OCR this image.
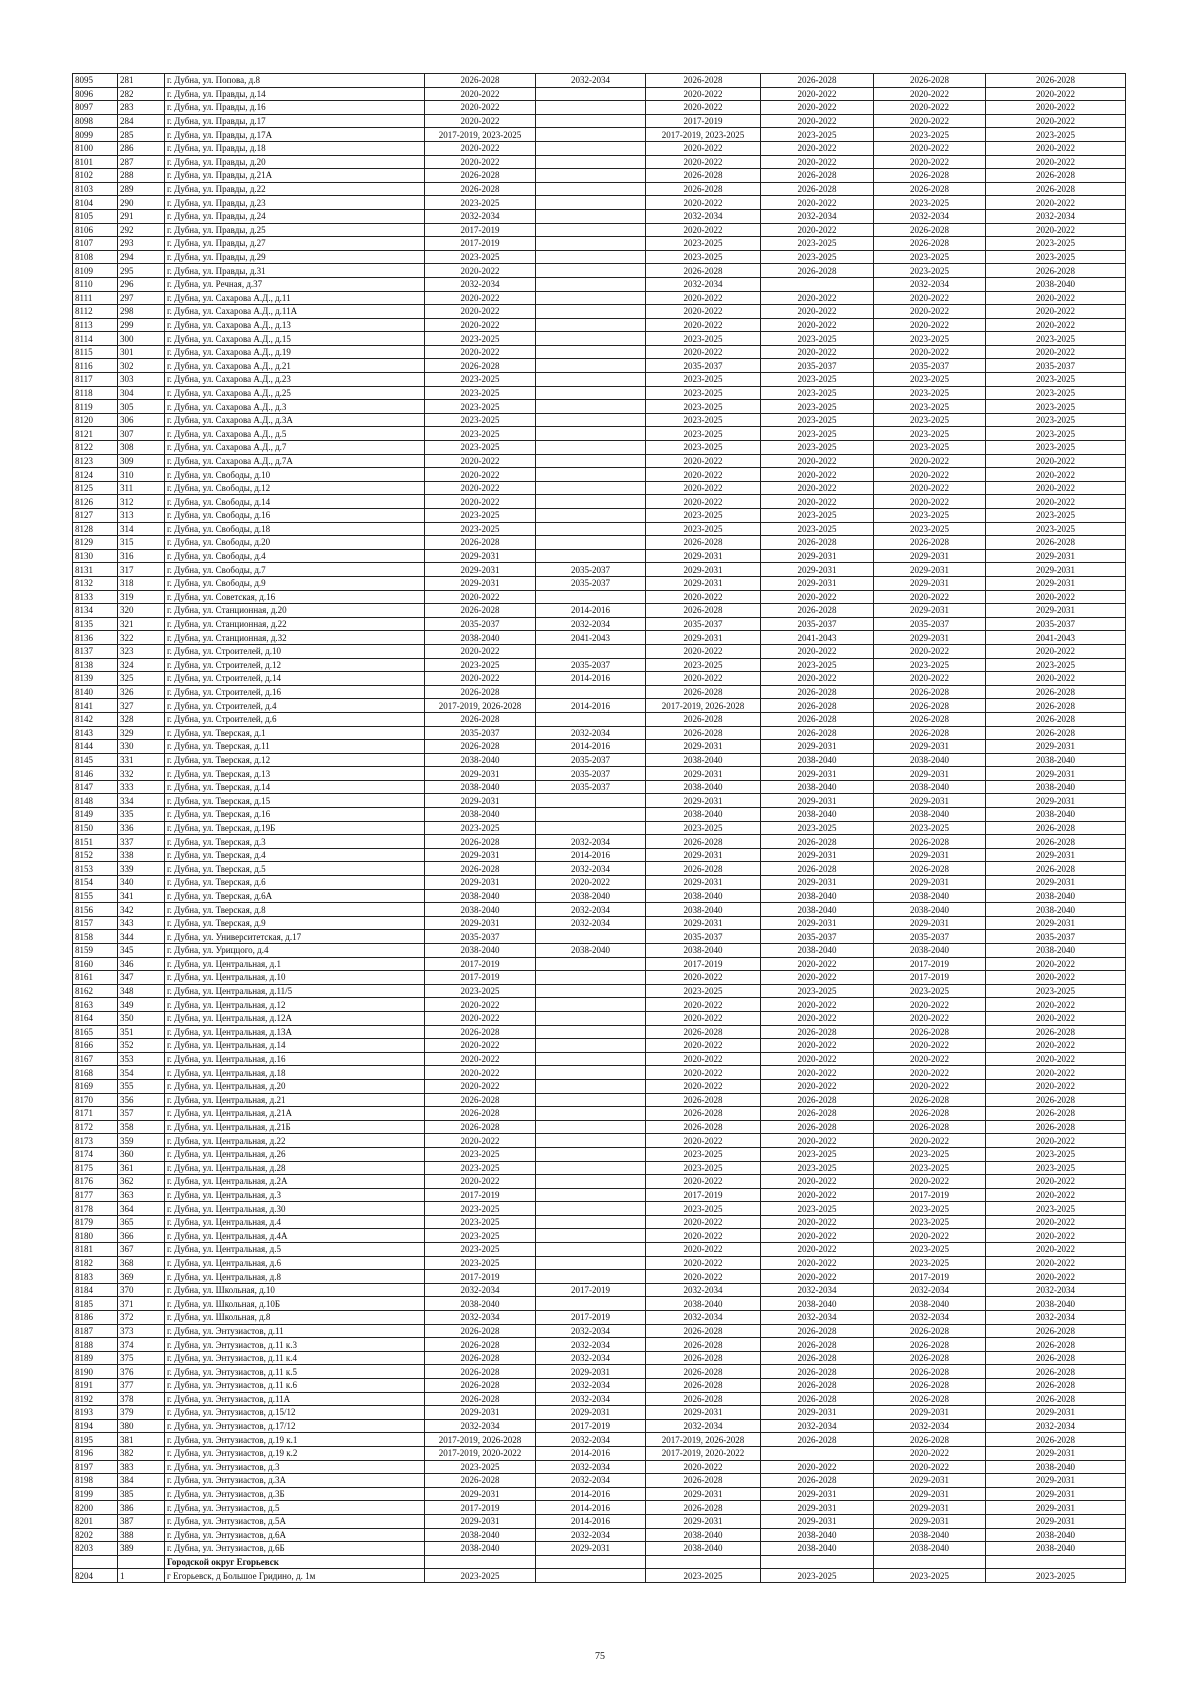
8095	281	г. Дубна, ул. Попова, д.8	2026-2028	2032-2034	2026-2028	2026-2028	2026-2028	2026-2028
8096	282	г. Дубна, ул. Правды, д.14	2020-2022		2020-2022	2020-2022	2020-2022	2020-2022
8097	283	г. Дубна, ул. Правды, д.16	2020-2022		2020-2022	2020-2022	2020-2022	2020-2022
8098	284	г. Дубна, ул. Правды, д.17	2020-2022		2017-2019	2020-2022	2020-2022	2020-2022
8099	285	г. Дубна, ул. Правды, д.17А	2017-2019, 2023-2025		2017-2019, 2023-2025	2023-2025	2023-2025	2023-2025
8100	286	г. Дубна, ул. Правды, д.18	2020-2022		2020-2022	2020-2022	2020-2022	2020-2022
8101	287	г. Дубна, ул. Правды, д.20	2020-2022		2020-2022	2020-2022	2020-2022	2020-2022
8102	288	г. Дубна, ул. Правды, д.21А	2026-2028		2026-2028	2026-2028	2026-2028	2026-2028
8103	289	г. Дубна, ул. Правды, д.22	2026-2028		2026-2028	2026-2028	2026-2028	2026-2028
8104	290	г. Дубна, ул. Правды, д.23	2023-2025		2020-2022	2020-2022	2023-2025	2020-2022
8105	291	г. Дубна, ул. Правды, д.24	2032-2034		2032-2034	2032-2034	2032-2034	2032-2034
8106	292	г. Дубна, ул. Правды, д.25	2017-2019		2020-2022	2020-2022	2026-2028	2020-2022
8107	293	г. Дубна, ул. Правды, д.27	2017-2019		2023-2025	2023-2025	2026-2028	2023-2025
8108	294	г. Дубна, ул. Правды, д.29	2023-2025		2023-2025	2023-2025	2023-2025	2023-2025
8109	295	г. Дубна, ул. Правды, д.31	2020-2022		2026-2028	2026-2028	2023-2025	2026-2028
8110	296	г. Дубна, ул. Речная, д.37	2032-2034		2032-2034		2032-2034	2038-2040
8111	297	г. Дубна, ул. Сахарова А.Д., д.11	2020-2022		2020-2022	2020-2022	2020-2022	2020-2022
8112	298	г. Дубна, ул. Сахарова А.Д., д.11А	2020-2022		2020-2022	2020-2022	2020-2022	2020-2022
8113	299	г. Дубна, ул. Сахарова А.Д., д.13	2020-2022		2020-2022	2020-2022	2020-2022	2020-2022
8114	300	г. Дубна, ул. Сахарова А.Д., д.15	2023-2025		2023-2025	2023-2025	2023-2025	2023-2025
8115	301	г. Дубна, ул. Сахарова А.Д., д.19	2020-2022		2020-2022	2020-2022	2020-2022	2020-2022
8116	302	г. Дубна, ул. Сахарова А.Д., д.21	2026-2028		2035-2037	2035-2037	2035-2037	2035-2037
8117	303	г. Дубна, ул. Сахарова А.Д., д.23	2023-2025		2023-2025	2023-2025	2023-2025	2023-2025
8118	304	г. Дубна, ул. Сахарова А.Д., д.25	2023-2025		2023-2025	2023-2025	2023-2025	2023-2025
8119	305	г. Дубна, ул. Сахарова А.Д., д.3	2023-2025		2023-2025	2023-2025	2023-2025	2023-2025
8120	306	г. Дубна, ул. Сахарова А.Д., д.3А	2023-2025		2023-2025	2023-2025	2023-2025	2023-2025
8121	307	г. Дубна, ул. Сахарова А.Д., д.5	2023-2025		2023-2025	2023-2025	2023-2025	2023-2025
8122	308	г. Дубна, ул. Сахарова А.Д., д.7	2023-2025		2023-2025	2023-2025	2023-2025	2023-2025
8123	309	г. Дубна, ул. Сахарова А.Д., д.7А	2020-2022		2020-2022	2020-2022	2020-2022	2020-2022
8124	310	г. Дубна, ул. Свободы, д.10	2020-2022		2020-2022	2020-2022	2020-2022	2020-2022
8125	311	г. Дубна, ул. Свободы, д.12	2020-2022		2020-2022	2020-2022	2020-2022	2020-2022
8126	312	г. Дубна, ул. Свободы, д.14	2020-2022		2020-2022	2020-2022	2020-2022	2020-2022
8127	313	г. Дубна, ул. Свободы, д.16	2023-2025		2023-2025	2023-2025	2023-2025	2023-2025
8128	314	г. Дубна, ул. Свободы, д.18	2023-2025		2023-2025	2023-2025	2023-2025	2023-2025
8129	315	г. Дубна, ул. Свободы, д.20	2026-2028		2026-2028	2026-2028	2026-2028	2026-2028
8130	316	г. Дубна, ул. Свободы, д.4	2029-2031		2029-2031	2029-2031	2029-2031	2029-2031
8131	317	г. Дубна, ул. Свободы, д.7	2029-2031	2035-2037	2029-2031	2029-2031	2029-2031	2029-2031
8132	318	г. Дубна, ул. Свободы, д.9	2029-2031	2035-2037	2029-2031	2029-2031	2029-2031	2029-2031
8133	319	г. Дубна, ул. Советская, д.16	2020-2022		2020-2022	2020-2022	2020-2022	2020-2022
8134	320	г. Дубна, ул. Станционная, д.20	2026-2028	2014-2016	2026-2028	2026-2028	2029-2031	2029-2031
8135	321	г. Дубна, ул. Станционная, д.22	2035-2037	2032-2034	2035-2037	2035-2037	2035-2037	2035-2037
8136	322	г. Дубна, ул. Станционная, д.32	2038-2040	2041-2043	2029-2031	2041-2043	2029-2031	2041-2043
8137	323	г. Дубна, ул. Строителей, д.10	2020-2022		2020-2022	2020-2022	2020-2022	2020-2022
8138	324	г. Дубна, ул. Строителей, д.12	2023-2025	2035-2037	2023-2025	2023-2025	2023-2025	2023-2025
8139	325	г. Дубна, ул. Строителей, д.14	2020-2022	2014-2016	2020-2022	2020-2022	2020-2022	2020-2022
8140	326	г. Дубна, ул. Строителей, д.16	2026-2028		2026-2028	2026-2028	2026-2028	2026-2028
8141	327	г. Дубна, ул. Строителей, д.4	2017-2019, 2026-2028	2014-2016	2017-2019, 2026-2028	2026-2028	2026-2028	2026-2028
8142	328	г. Дубна, ул. Строителей, д.6	2026-2028		2026-2028	2026-2028	2026-2028	2026-2028
8143	329	г. Дубна, ул. Тверская, д.1	2035-2037	2032-2034	2026-2028	2026-2028	2026-2028	2026-2028
8144	330	г. Дубна, ул. Тверская, д.11	2026-2028	2014-2016	2029-2031	2029-2031	2029-2031	2029-2031
8145	331	г. Дубна, ул. Тверская, д.12	2038-2040	2035-2037	2038-2040	2038-2040	2038-2040	2038-2040
8146	332	г. Дубна, ул. Тверская, д.13	2029-2031	2035-2037	2029-2031	2029-2031	2029-2031	2029-2031
8147	333	г. Дубна, ул. Тверская, д.14	2038-2040	2035-2037	2038-2040	2038-2040	2038-2040	2038-2040
8148	334	г. Дубна, ул. Тверская, д.15	2029-2031		2029-2031	2029-2031	2029-2031	2029-2031
8149	335	г. Дубна, ул. Тверская, д.16	2038-2040		2038-2040	2038-2040	2038-2040	2038-2040
8150	336	г. Дубна, ул. Тверская, д.19Б	2023-2025		2023-2025	2023-2025	2023-2025	2026-2028
8151	337	г. Дубна, ул. Тверская, д.3	2026-2028	2032-2034	2026-2028	2026-2028	2026-2028	2026-2028
8152	338	г. Дубна, ул. Тверская, д.4	2029-2031	2014-2016	2029-2031	2029-2031	2029-2031	2029-2031
8153	339	г. Дубна, ул. Тверская, д.5	2026-2028	2032-2034	2026-2028	2026-2028	2026-2028	2026-2028
8154	340	г. Дубна, ул. Тверская, д.6	2029-2031	2020-2022	2029-2031	2029-2031	2029-2031	2029-2031
8155	341	г. Дубна, ул. Тверская, д.6А	2038-2040	2038-2040	2038-2040	2038-2040	2038-2040	2038-2040
8156	342	г. Дубна, ул. Тверская, д.8	2038-2040	2032-2034	2038-2040	2038-2040	2038-2040	2038-2040
8157	343	г. Дубна, ул. Тверская, д.9	2029-2031	2032-2034	2029-2031	2029-2031	2029-2031	2029-2031
8158	344	г. Дубна, ул. Университетская, д.17	2035-2037		2035-2037	2035-2037	2035-2037	2035-2037
8159	345	г. Дубна, ул. Уриццого, д.4	2038-2040	2038-2040	2038-2040	2038-2040	2038-2040	2038-2040
8160	346	г. Дубна, ул. Центральная, д.1	2017-2019		2017-2019	2020-2022	2017-2019	2020-2022
8161	347	г. Дубна, ул. Центральная, д.10	2017-2019		2020-2022	2020-2022	2017-2019	2020-2022
8162	348	г. Дубна, ул. Центральная, д.11/5	2023-2025		2023-2025	2023-2025	2023-2025	2023-2025
8163	349	г. Дубна, ул. Центральная, д.12	2020-2022		2020-2022	2020-2022	2020-2022	2020-2022
8164	350	г. Дубна, ул. Центральная, д.12А	2020-2022		2020-2022	2020-2022	2020-2022	2020-2022
8165	351	г. Дубна, ул. Центральная, д.13А	2026-2028		2026-2028	2026-2028	2026-2028	2026-2028
8166	352	г. Дубна, ул. Центральная, д.14	2020-2022		2020-2022	2020-2022	2020-2022	2020-2022
8167	353	г. Дубна, ул. Центральная, д.16	2020-2022		2020-2022	2020-2022	2020-2022	2020-2022
8168	354	г. Дубна, ул. Центральная, д.18	2020-2022		2020-2022	2020-2022	2020-2022	2020-2022
8169	355	г. Дубна, ул. Центральная, д.20	2020-2022		2020-2022	2020-2022	2020-2022	2020-2022
8170	356	г. Дубна, ул. Центральная, д.21	2026-2028		2026-2028	2026-2028	2026-2028	2026-2028
8171	357	г. Дубна, ул. Центральная, д.21А	2026-2028		2026-2028	2026-2028	2026-2028	2026-2028
8172	358	г. Дубна, ул. Центральная, д.21Б	2026-2028		2026-2028	2026-2028	2026-2028	2026-2028
8173	359	г. Дубна, ул. Центральная, д.22	2020-2022		2020-2022	2020-2022	2020-2022	2020-2022
8174	360	г. Дубна, ул. Центральная, д.26	2023-2025		2023-2025	2023-2025	2023-2025	2023-2025
8175	361	г. Дубна, ул. Центральная, д.28	2023-2025		2023-2025	2023-2025	2023-2025	2023-2025
8176	362	г. Дубна, ул. Центральная, д.2А	2020-2022		2020-2022	2020-2022	2020-2022	2020-2022
8177	363	г. Дубна, ул. Центральная, д.3	2017-2019		2017-2019	2020-2022	2017-2019	2020-2022
8178	364	г. Дубна, ул. Центральная, д.30	2023-2025		2023-2025	2023-2025	2023-2025	2023-2025
8179	365	г. Дубна, ул. Центральная, д.4	2023-2025		2020-2022	2020-2022	2023-2025	2020-2022
8180	366	г. Дубна, ул. Центральная, д.4А	2023-2025		2020-2022	2020-2022	2020-2022	2020-2022
8181	367	г. Дубна, ул. Центральная, д.5	2023-2025		2020-2022	2020-2022	2023-2025	2020-2022
8182	368	г. Дубна, ул. Центральная, д.6	2023-2025		2020-2022	2020-2022	2023-2025	2020-2022
8183	369	г. Дубна, ул. Центральная, д.8	2017-2019		2020-2022	2020-2022	2017-2019	2020-2022
8184	370	г. Дубна, ул. Школьная, д.10	2032-2034	2017-2019	2032-2034	2032-2034	2032-2034	2032-2034
8185	371	г. Дубна, ул. Школьная, д.10Б	2038-2040		2038-2040	2038-2040	2038-2040	2038-2040
8186	372	г. Дубна, ул. Школьная, д.8	2032-2034	2017-2019	2032-2034	2032-2034	2032-2034	2032-2034
8187	373	г. Дубна, ул. Энтузиастов, д.11	2026-2028	2032-2034	2026-2028	2026-2028	2026-2028	2026-2028
8188	374	г. Дубна, ул. Энтузиастов, д.11 к.3	2026-2028	2032-2034	2026-2028	2026-2028	2026-2028	2026-2028
8189	375	г. Дубна, ул. Энтузиастов, д.11 к.4	2026-2028	2032-2034	2026-2028	2026-2028	2026-2028	2026-2028
8190	376	г. Дубна, ул. Энтузиастов, д.11 к.5	2026-2028	2029-2031	2026-2028	2026-2028	2026-2028	2026-2028
8191	377	г. Дубна, ул. Энтузиастов, д.11 к.6	2026-2028	2032-2034	2026-2028	2026-2028	2026-2028	2026-2028
8192	378	г. Дубна, ул. Энтузиастов, д.11А	2026-2028	2032-2034	2026-2028	2026-2028	2026-2028	2026-2028
8193	379	г. Дубна, ул. Энтузиастов, д.15/12	2029-2031	2029-2031	2029-2031	2029-2031	2029-2031	2029-2031
8194	380	г. Дубна, ул. Энтузиастов, д.17/12	2032-2034	2017-2019	2032-2034	2032-2034	2032-2034	2032-2034
8195	381	г. Дубна, ул. Энтузиастов, д.19 к.1	2017-2019, 2026-2028	2032-2034	2017-2019, 2026-2028	2026-2028	2026-2028	2026-2028
8196	382	г. Дубна, ул. Энтузиастов, д.19 к.2	2017-2019, 2020-2022	2014-2016	2017-2019, 2020-2022		2020-2022	2029-2031
8197	383	г. Дубна, ул. Энтузиастов, д.3	2023-2025	2032-2034	2020-2022	2020-2022	2020-2022	2038-2040
8198	384	г. Дубна, ул. Энтузиастов, д.3А	2026-2028	2032-2034	2026-2028	2026-2028	2029-2031	2029-2031
8199	385	г. Дубна, ул. Энтузиастов, д.3Б	2029-2031	2014-2016	2029-2031	2029-2031	2029-2031	2029-2031
8200	386	г. Дубна, ул. Энтузиастов, д.5	2017-2019	2014-2016	2026-2028	2029-2031	2029-2031	2029-2031
8201	387	г. Дубна, ул. Энтузиастов, д.5А	2029-2031	2014-2016	2029-2031	2029-2031	2029-2031	2029-2031
8202	388	г. Дубна, ул. Энтузиастов, д.6А	2038-2040	2032-2034	2038-2040	2038-2040	2038-2040	2038-2040
8203	389	г. Дубна, ул. Энтузиастов, д.6Б	2038-2040	2029-2031	2038-2040	2038-2040	2038-2040	2038-2040
		Городской округ Егорьевск						
8204	1	г Егорьевск, д Большое Гридино, д. 1м	2023-2025		2023-2025	2023-2025	2023-2025	2023-2025
75
